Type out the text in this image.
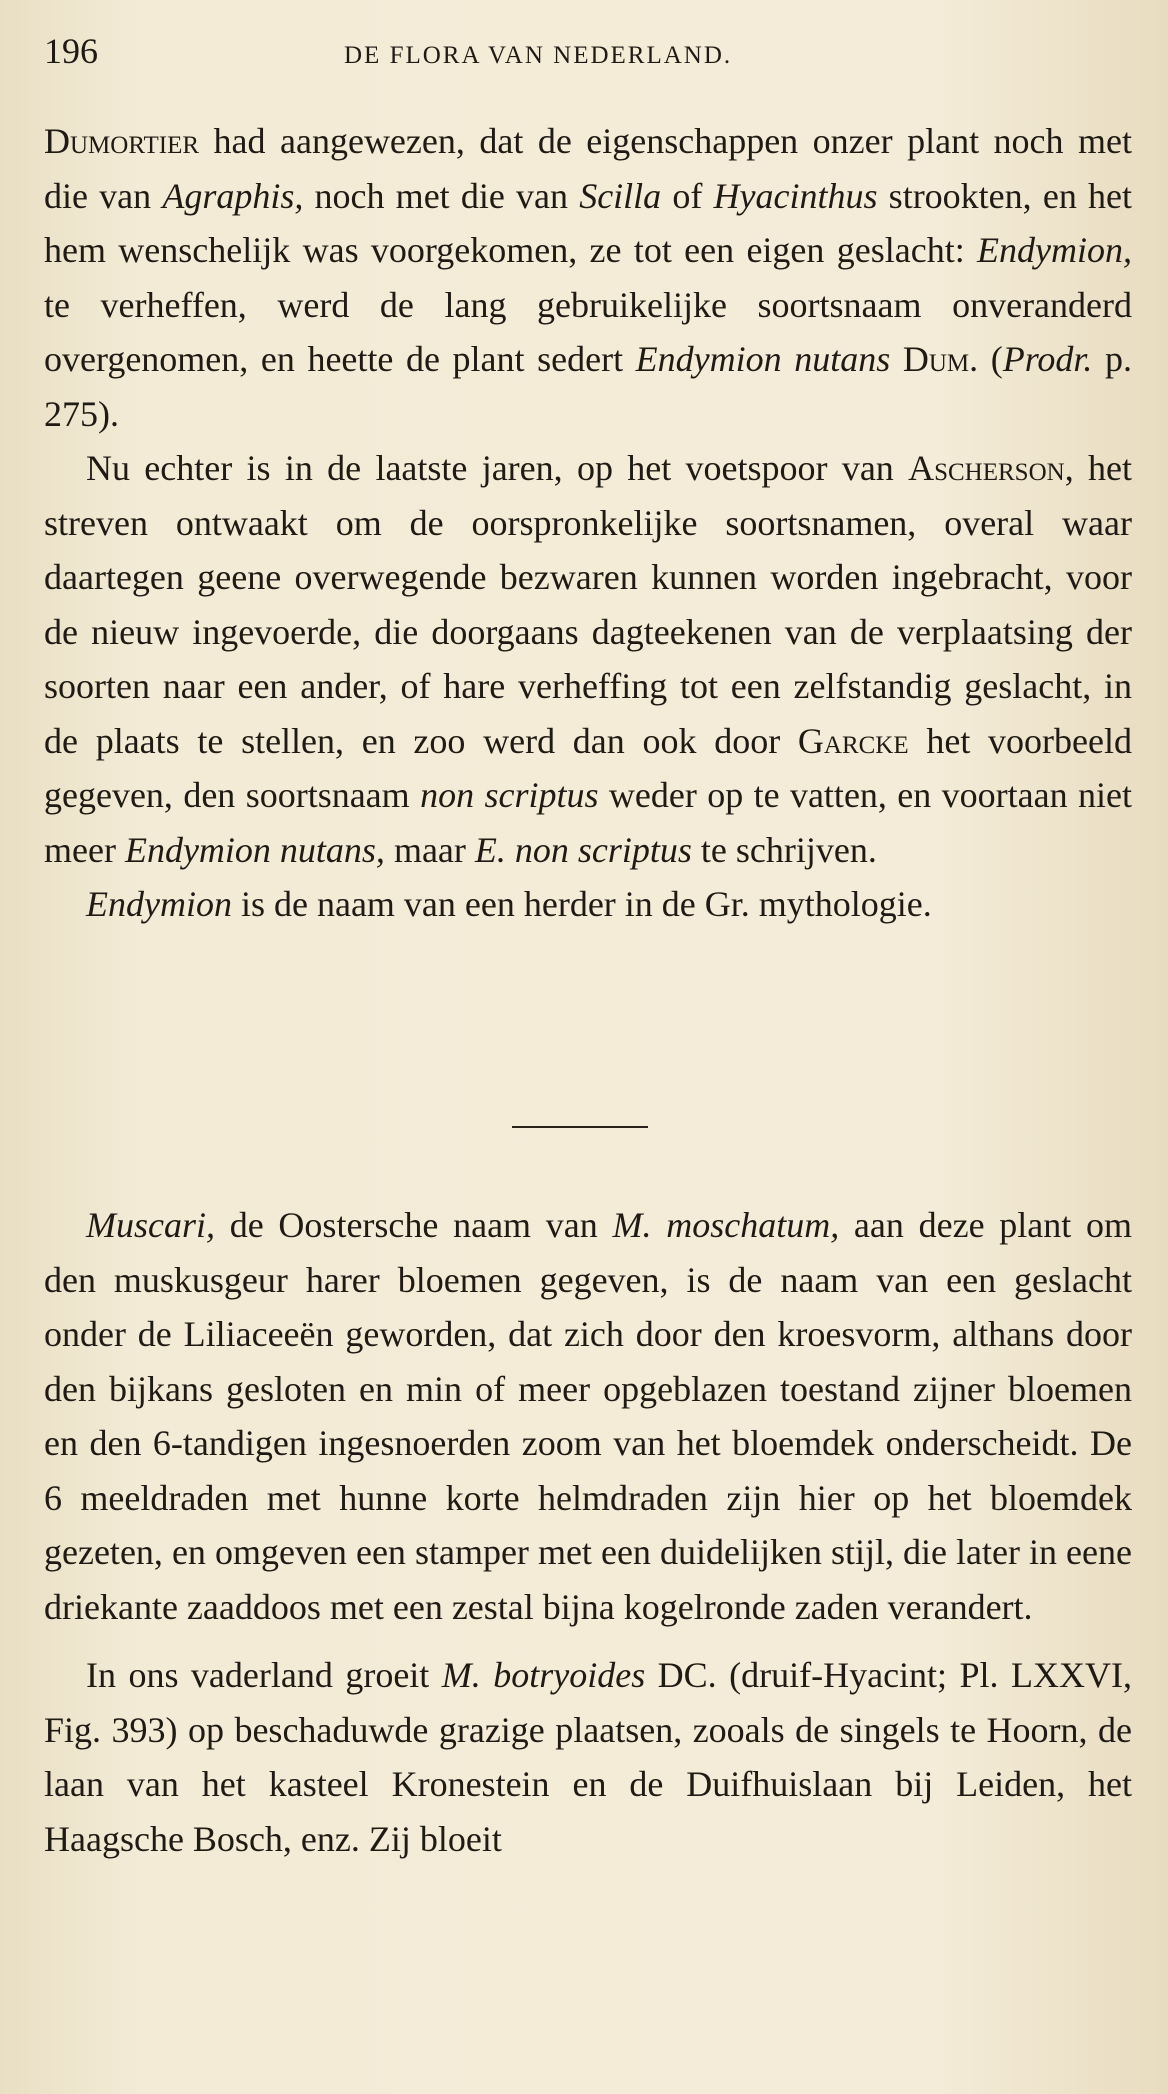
196	DE FLORA VAN NEDERLAND.

Dumortier had aangewezen, dat de eigenschappen onzer plant noch met die van Agraphis, noch met die van Scilla of Hyacinthus strookten, en het hem wenschelijk was voorgekomen, ze tot een eigen geslacht: Endymion, te verheffen, werd de lang gebruikelijke soortsnaam onveranderd overgenomen, en heette de plant sedert Endymion nutans Dum. (Prodr. p. 275).

Nu echter is in de laatste jaren, op het voetspoor van Ascherson, het streven ontwaakt om de oorspronkelijke soortsnamen, overal waar daartegen geene overwegende bezwaren kunnen worden ingebracht, voor de nieuw ingevoerde, die doorgaans dagteekenen van de verplaatsing der soorten naar een ander, of hare verheffing tot een zelfstandig geslacht, in de plaats te stellen, en zoo werd dan ook door Garcke het voorbeeld gegeven, den soortsnaam non scriptus weder op te vatten, en voortaan niet meer Endymion nutans, maar E. non scriptus te schrijven.

Endymion is de naam van een herder in de Gr. mythologie.

Muscari, de Oostersche naam van M. moschatum, aan deze plant om den muskusgeur harer bloemen gegeven, is de naam van een geslacht onder de Liliaceeën geworden, dat zich door den kroesvorm, althans door den bijkans gesloten en min of meer opgeblazen toestand zijner bloemen en den 6-tandigen ingesnoerden zoom van het bloemdek onderscheidt. De 6 meeldraden met hunne korte helmdraden zijn hier op het bloemdek gezeten, en omgeven een stamper met een duidelijken stijl, die later in eene driekante zaaddoos met een zestal bijna kogelronde zaden verandert.

In ons vaderland groeit M. botryoides DC. (druif-Hyacint; Pl. LXXVI, Fig. 393) op beschaduwde grazige plaatsen, zooals de singels te Hoorn, de laan van het kasteel Kronestein en de Duifhuislaan bij Leiden, het Haagsche Bosch, enz. Zij bloeit
